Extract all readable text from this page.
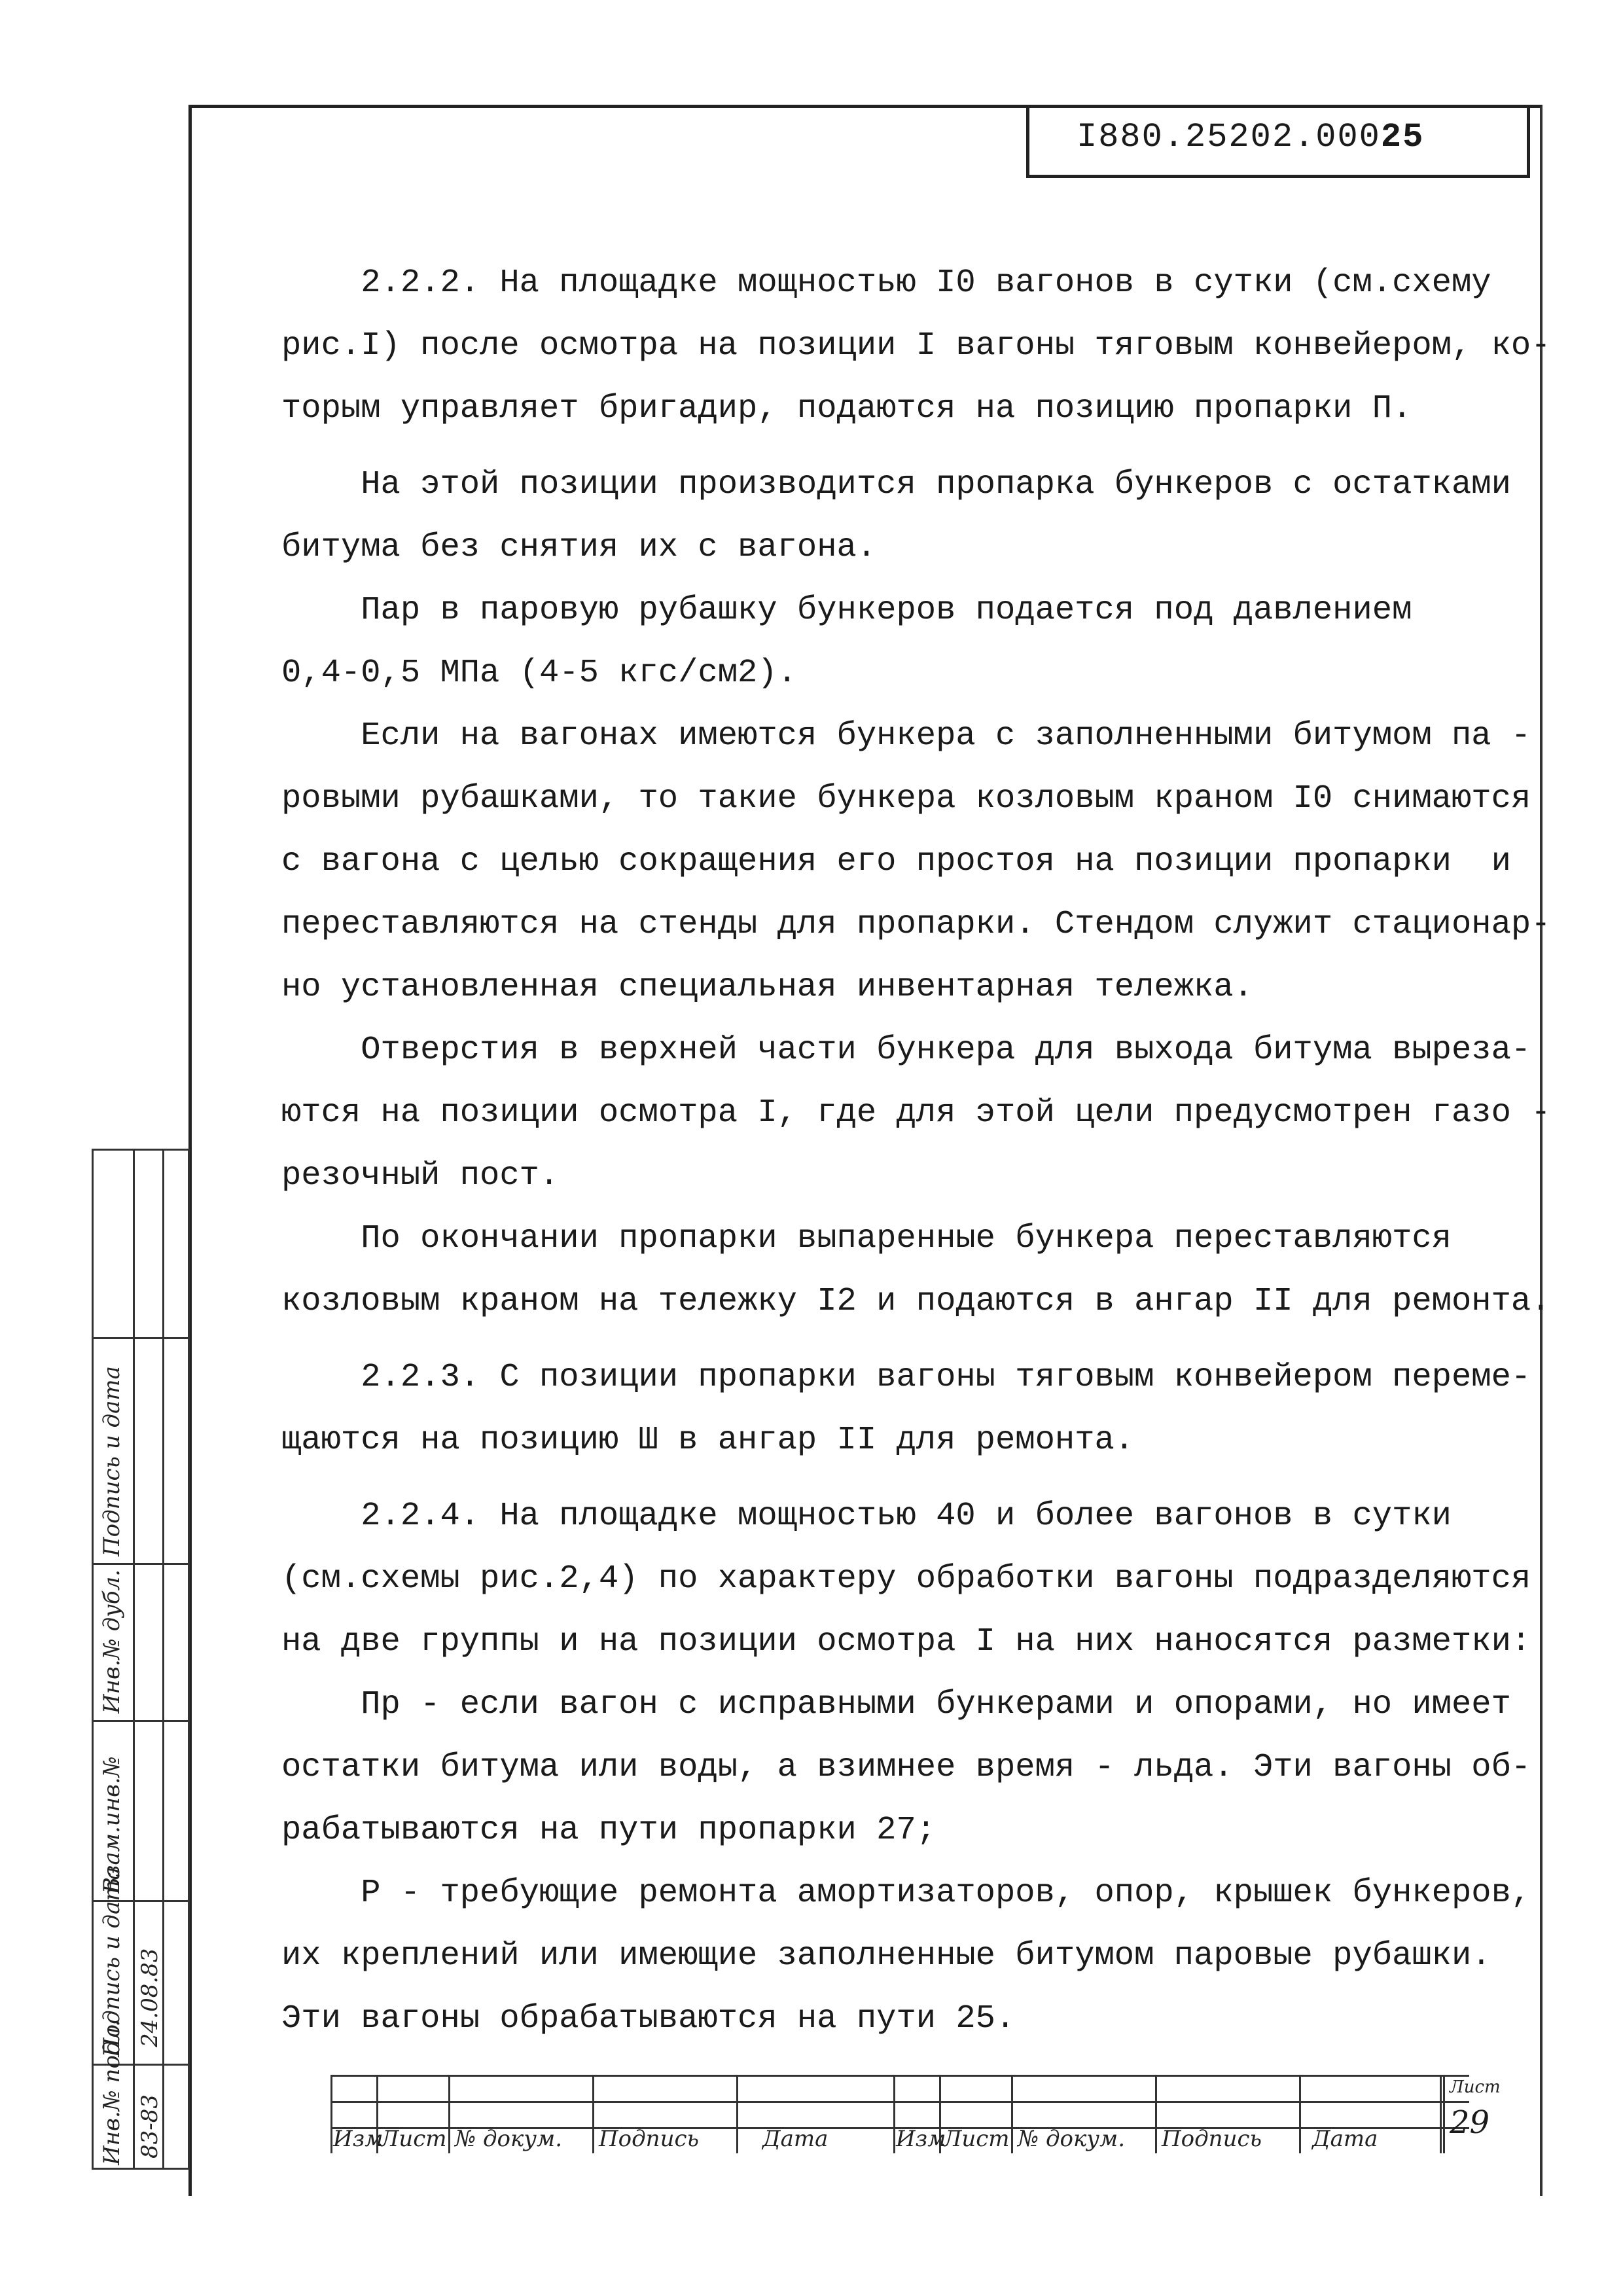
I880.25202.00025
2.2.2. На площадке мощностью I0 вагонов в сутки (см.схему
рис.I) после осмотра на позиции I вагоны тяговым конвейером, ко-
торым управляет бригадир, подаются на позицию пропарки П.
На этой позиции производится пропарка бункеров с остатками
битума без снятия их с вагона.
Пар в паровую рубашку бункеров подается под давлением
0,4-0,5 МПа (4-5 кгс/см2).
Если на вагонах имеются бункера с заполненными битумом па -
ровыми рубашками, то такие бункера козловым краном I0 снимаются
с вагона с целью сокращения его простоя на позиции пропарки  и
переставляются на стенды для пропарки. Стендом служит стационар-
но установленная специальная инвентарная тележка.
Отверстия в верхней части бункера для выхода битума выреза-
ются на позиции осмотра I, где для этой цели предусмотрен газо -
резочный пост.
По окончании пропарки выпаренные бункера переставляются
козловым краном на тележку I2 и подаются в ангар II для ремонта.
2.2.3. С позиции пропарки вагоны тяговым конвейером переме-
щаются на позицию Ш в ангар II для ремонта.
2.2.4. На площадке мощностью 40 и более вагонов в сутки
(см.схемы рис.2,4) по характеру обработки вагоны подразделяются
на две группы и на позиции осмотра I на них наносятся разметки:
Пр - если вагон с исправными бункерами и опорами, но имеет
остатки битума или воды, а взимнее время - льда. Эти вагоны об-
рабатываются на пути пропарки 27;
Р - требующие ремонта амортизаторов, опор, крышек бункеров,
их креплений или имеющие заполненные битумом паровые рубашки.
Эти вагоны обрабатываются на пути 25.
Инв.№ подл.
Подпись и дата
Взам.инв.№
Инв.№ дубл.
Подпись и дата
83-83
24.08.83
Изм
Лист № докум. Подпись	Дата	Изм
Лист № докум. Подпись Дата
Лист
29
